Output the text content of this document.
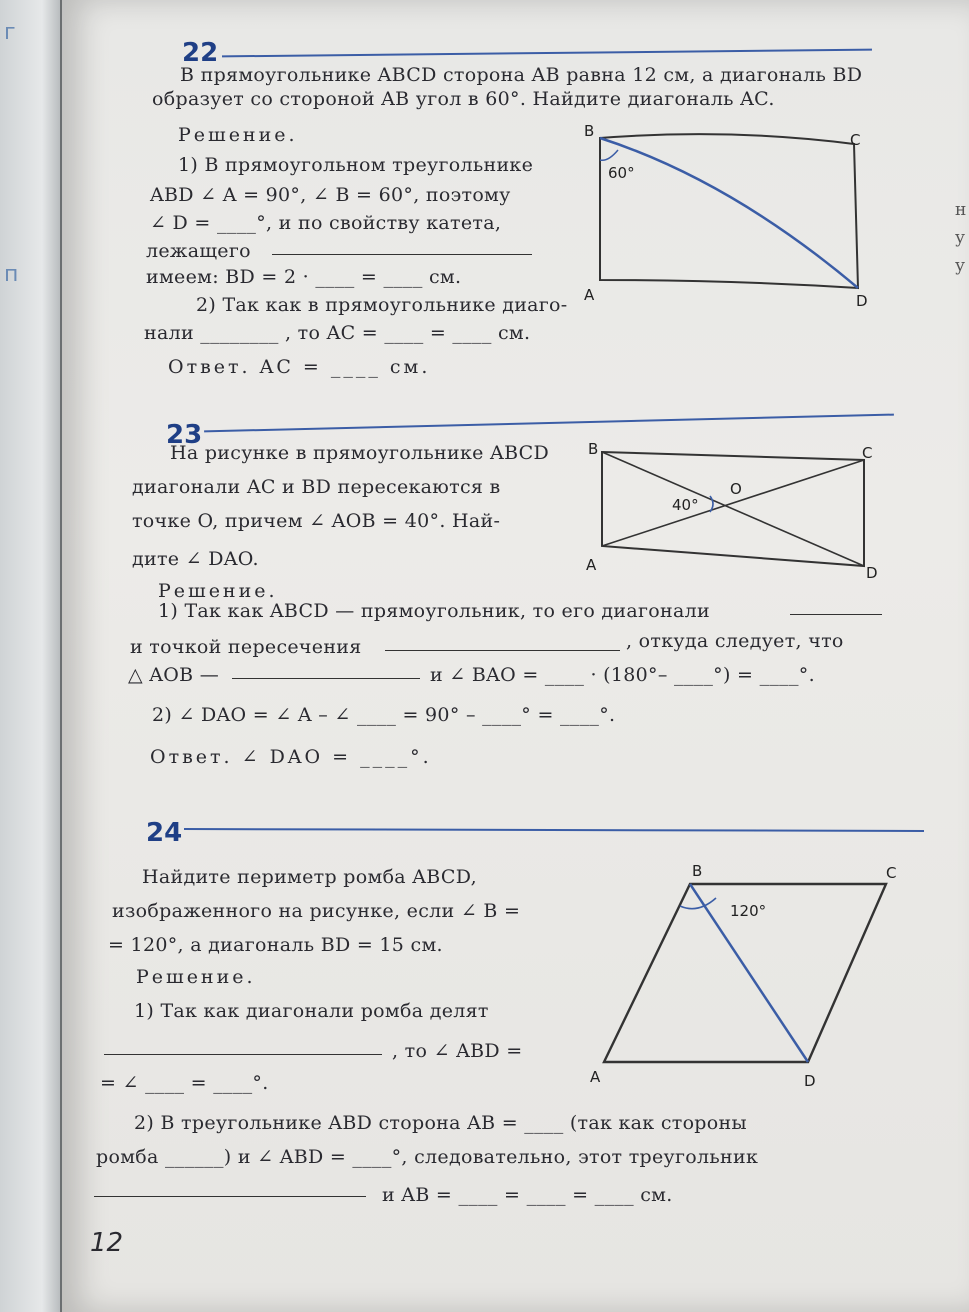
г
п
н
у
у
22
В прямоугольнике ABCD сторона AB равна 12 см, а диагональ BD
образует со стороной AB угол в 60°. Найдите диагональ AC.
Решение.
1) В прямоугольном треугольнике
ABD ∠ A = 90°, ∠ B = 60°, поэтому
∠ D = ____°, и по свойству катета,
лежащего
имеем: BD = 2 · ____ = ____ см.
2) Так как в прямоугольнике диаго-
нали ________ , то AC = ____ = ____ см.
Ответ. AC = ____ см.
B	C
A	D
60°
23
На рисунке в прямоугольнике ABCD
диагонали AC и BD пересекаются в
точке O, причем ∠ AOB = 40°. Най-
дите ∠ DAO.
Решение.
1) Так как ABCD — прямоугольник, то его диагонали
и точкой пересечения	, откуда следует, что
△ AOB —	и ∠ BAO = ____ · (180°– ____°) = ____°.
2) ∠ DAO = ∠ A – ∠ ____ = 90° – ____° = ____°.
Ответ. ∠ DAO = ____°.
B	C
A	D
O
40°
24
Найдите периметр ромба ABCD,
изображенного на рисунке, если ∠ B =
= 120°, а диагональ BD = 15 см.
Решение.
1) Так как диагонали ромба делят
, то ∠ ABD =
= ∠ ____ = ____°.
2) В треугольнике ABD сторона AB = ____ (так как стороны
ромба ______) и ∠ ABD = ____°, следовательно, этот треугольник
и AB = ____ = ____ = ____ см.
B	C
A	D
120°
12
